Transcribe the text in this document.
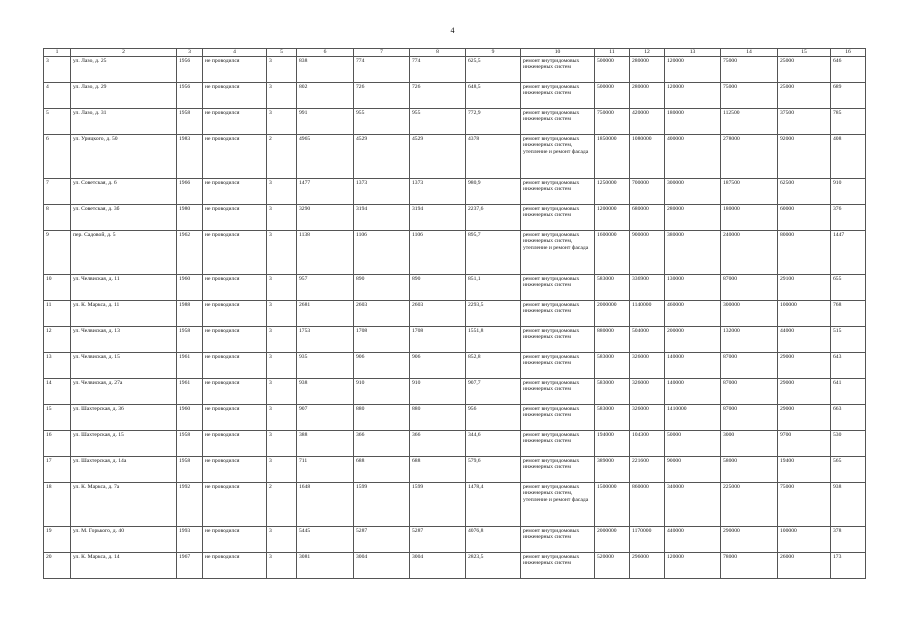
4
1	2	3	4	5	6	7	8	9	10	11	12	13	14	15	16
3	ул. Лазо, д. 25	1956	не проводился	3	838	774	774	625,5	ремонт внутридомовых инженерных систем	500000	280000	120000	75000	25000	646
4	ул. Лазо, д. 29	1956	не проводился	3	802	726	726	648,5	ремонт внутридомовых инженерных систем	500000	280000	120000	75000	25000	689
5	ул. Лазо, д. 31	1958	не проводился	3	991	955	955	772,9	ремонт внутридомовых инженерных систем	750000	420000	180000	112500	37500	785
6	ул. Урицкого, д. 50	1983	не проводился	2	4965	4529	4529	4378	ремонт внутридомовых инженерных систем, утепление и ремонт фасада	1850000	1080000	400000	278000	92000	408
7	ул. Советская, д. 6	1966	не проводился	3	1477	1373	1373	980,9	ремонт внутридомовых инженерных систем	1250000	700000	300000	187500	62500	910
8	ул. Советская, д. 3б	1980	не проводился	3	3290	3194	3194	2237,6	ремонт внутридомовых инженерных систем	1200000	680000	280000	180000	60000	376
9	пер. Садовой, д. 5	1962	не проводился	3	1138	1106	1106	895,7	ремонт внутридомовых инженерных систем, утепление и ремонт фасада	1600000	900000	380000	240000	80000	1447
10	ул. Челвиская, д. 11	1960	не проводился	3	957	890	890	851,1	ремонт внутридомовых инженерных систем	583000	336900	130000	87000	29100	655
11	ул. К. Маркса, д. 11	1988	не проводился	3	2681	2603	2603	2293,5	ремонт внутридомовых инженерных систем	2000000	1140000	460000	300000	100000	768
12	ул. Челвиская, д. 13	1958	не проводился	3	1753	1708	1708	1551,8	ремонт внутридомовых инженерных систем	880000	504000	200000	132000	44000	515
13	ул. Челвиская, д. 15	1961	не проводился	3	935	906	906	852,8	ремонт внутридомовых инженерных систем	583000	326000	140000	87000	29000	643
14	ул. Челвиская, д. 27а	1961	не проводился	3	938	910	910	907,7	ремонт внутридомовых инженерных систем	583000	326000	140000	87000	29000	641
15	ул. Шахтерская, д. 36	1960	не проводился	3	907	880	880	956	ремонт внутридомовых инженерных систем	583000	326000	1410000	87000	29000	663
16	ул. Шахтерская, д. 15	1958	не проводился	3	388	366	366	344,6	ремонт внутридомовых инженерных систем	194000	104300	50000	3000	9700	530
17	ул. Шахтерская, д. 14а	1958	не проводился	3	711	688	688	579,6	ремонт внутридомовых инженерных систем	389000	221600	90000	58000	19400	565
18	ул. К. Маркса, д. 7а	1992	не проводился	2	1648	1599	1599	1478,4	ремонт внутридомовых инженерных систем, утепление и ремонт фасада	1500000	860000	340000	225000	75000	938
19	ул. М. Горького, д. 40	1993	не проводился	3	5445	5287	5287	4076,8	ремонт внутридомовых инженерных систем	2000000	1170000	440000	290000	100000	378
20	ул. К. Маркса, д. 14	1967	не проводился	3	3081	3004	3004	2823,5	ремонт внутридомовых инженерных систем	520000	296000	120000	78000	26000	173
